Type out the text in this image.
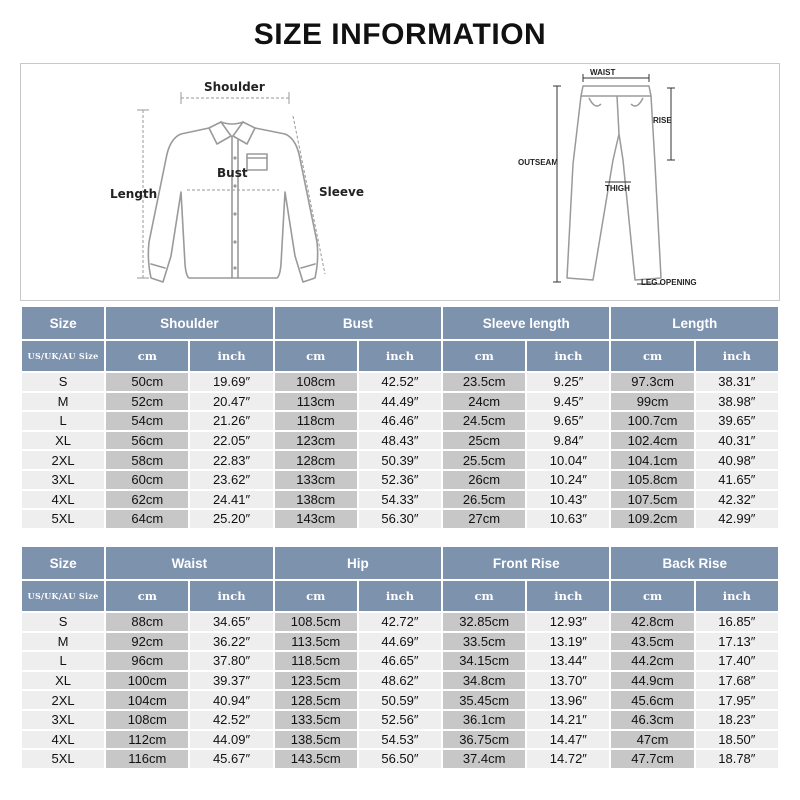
SIZE INFORMATION
Shoulder
Bust
Length	Sleeve
WAIST
RISE
OUTSEAM
THIGH
LEG OPENING
Size	Shoulder		Bust		Sleeve length		Length	
US/UK/AU Size	cm	inch	cm	inch	cm	inch	cm	inch
S	50cm	19.69″	108cm	42.52″	23.5cm	9.25″	97.3cm	38.31″
M	52cm	20.47″	113cm	44.49″	24cm	9.45″	99cm	38.98″
L	54cm	21.26″	118cm	46.46″	24.5cm	9.65″	100.7cm	39.65″
XL	56cm	22.05″	123cm	48.43″	25cm	9.84″	102.4cm	40.31″
2XL	58cm	22.83″	128cm	50.39″	25.5cm	10.04″	104.1cm	40.98″
3XL	60cm	23.62″	133cm	52.36″	26cm	10.24″	105.8cm	41.65″
4XL	62cm	24.41″	138cm	54.33″	26.5cm	10.43″	107.5cm	42.32″
5XL	64cm	25.20″	143cm	56.30″	27cm	10.63″	109.2cm	42.99″
Size	Waist		Hip		Front Rise		Back Rise	
US/UK/AU Size	cm	inch	cm	inch	cm	inch	cm	inch
S	88cm	34.65″	108.5cm	42.72″	32.85cm	12.93″	42.8cm	16.85″
M	92cm	36.22″	113.5cm	44.69″	33.5cm	13.19″	43.5cm	17.13″
L	96cm	37.80″	118.5cm	46.65″	34.15cm	13.44″	44.2cm	17.40″
XL	100cm	39.37″	123.5cm	48.62″	34.8cm	13.70″	44.9cm	17.68″
2XL	104cm	40.94″	128.5cm	50.59″	35.45cm	13.96″	45.6cm	17.95″
3XL	108cm	42.52″	133.5cm	52.56″	36.1cm	14.21″	46.3cm	18.23″
4XL	112cm	44.09″	138.5cm	54.53″	36.75cm	14.47″	47cm	18.50″
5XL	116cm	45.67″	143.5cm	56.50″	37.4cm	14.72″	47.7cm	18.78″
